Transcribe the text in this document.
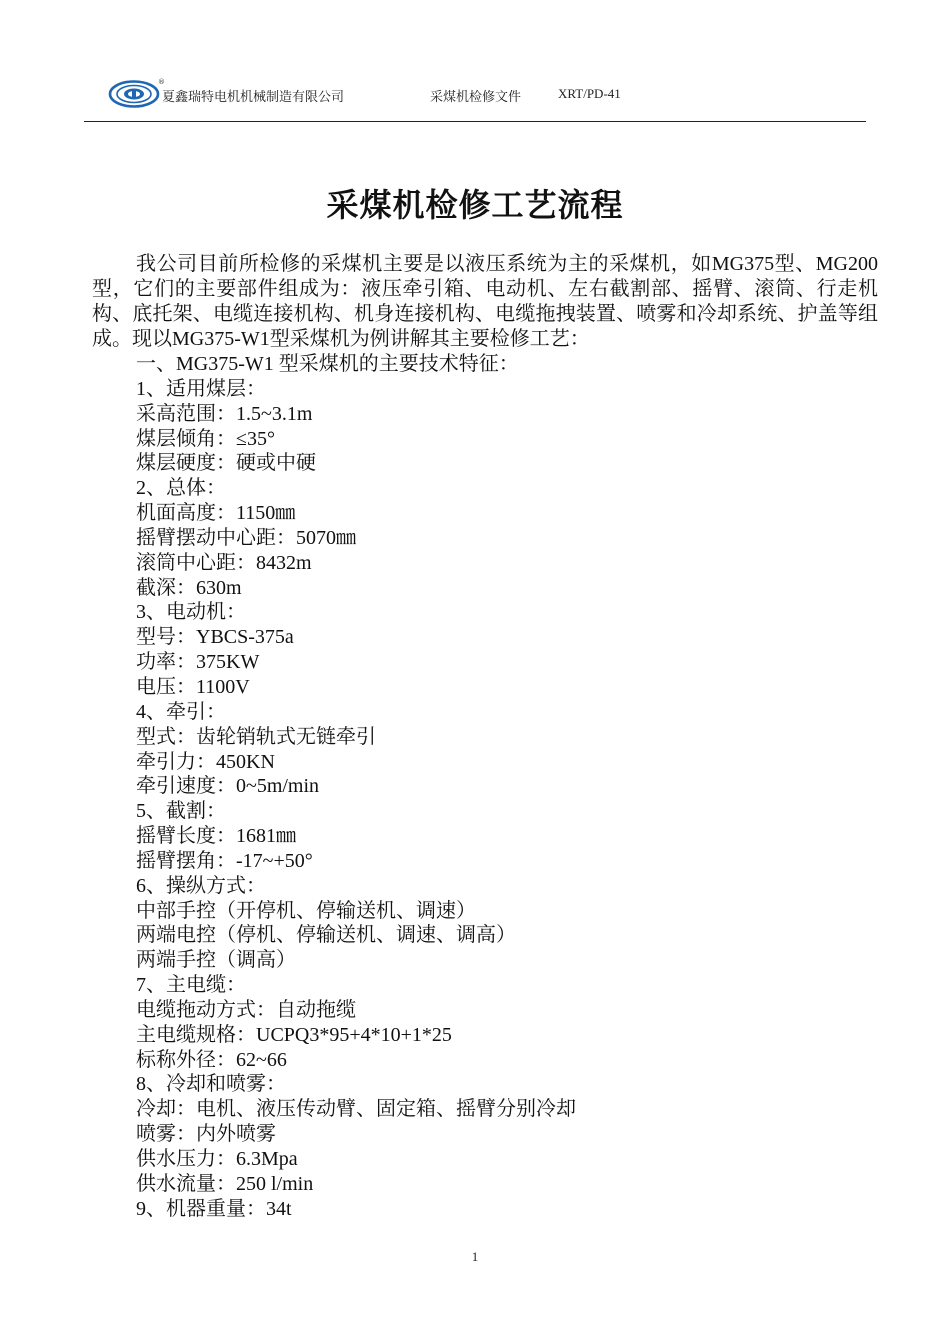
®
夏鑫瑞特电机机械制造有限公司	采煤机检修文件	XRT/PD-41
采煤机检修工艺流程

我公司目前所检修的采煤机主要是以液压系统为主的采煤机，如MG375型、MG200型，它们的主要部件组成为：液压牵引箱、电动机、左右截割部、摇臂、滚筒、行走机构、底托架、电缆连接机构、机身连接机构、电缆拖拽装置、喷雾和冷却系统、护盖等组成。现以MG375-W1型采煤机为例讲解其主要检修工艺：

一、MG375-W1 型采煤机的主要技术特征：
1、适用煤层：
采高范围：1.5~3.1m
煤层倾角：≤35°
煤层硬度：硬或中硬
2、总体：
机面高度：1150㎜
摇臂摆动中心距：5070㎜
滚筒中心距：8432m
截深：630m
3、电动机：
型号：YBCS-375a
功率：375KW
电压：1100V
4、牵引：
型式：齿轮销轨式无链牵引
牵引力：450KN
牵引速度：0~5m/min
5、截割：
摇臂长度：1681㎜
摇臂摆角：-17~+50°
6、操纵方式：
中部手控（开停机、停输送机、调速）
两端电控（停机、停输送机、调速、调高）
两端手控（调高）
7、主电缆：
电缆拖动方式：自动拖缆
主电缆规格：UCPQ3*95+4*10+1*25
标称外径：62~66
8、冷却和喷雾：
冷却：电机、液压传动臂、固定箱、摇臂分别冷却
喷雾：内外喷雾
供水压力：6.3Mpa
供水流量：250 l/min
9、机器重量：34t
1
